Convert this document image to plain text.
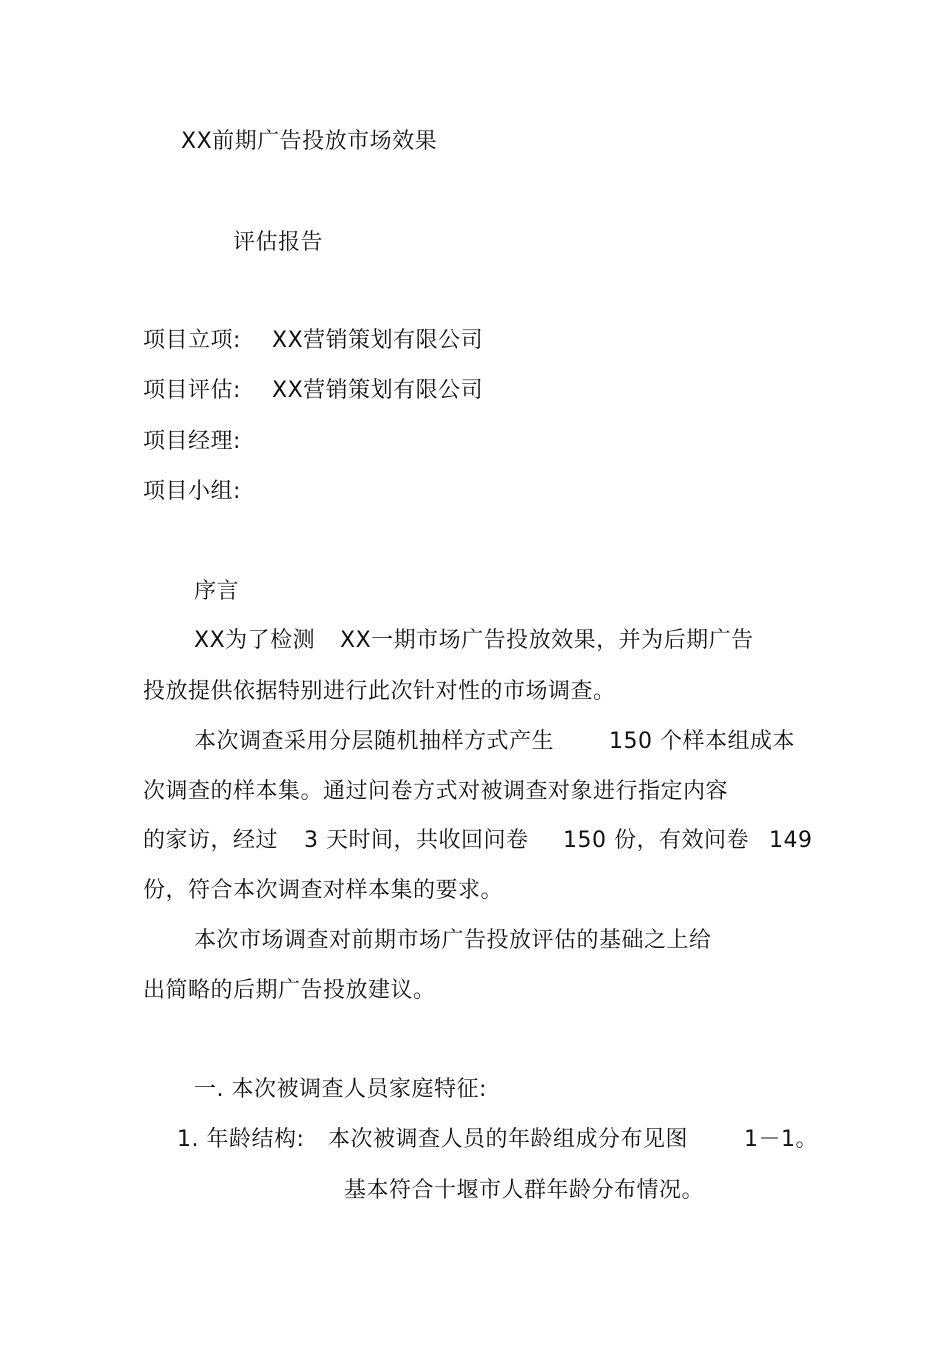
XX前期广告投放市场效果
评估报告
项目立项: XX营销策划有限公司
项目评估: XX营销策划有限公司
项目经理:
项目小组:
序言
XX为了检测 XX一期市场广告投放效果，并为后期广告
投放提供依据特别进行此次针对性的市场调查。
本次调查采用分层随机抽样方式产生 150 个样本组成本
次调查的样本集。通过问卷方式对被调查对象进行指定内容
的家访，经过 3 天时间，共收回问卷 150 份，有效问卷 149
份，符合本次调查对样本集的要求。
本次市场调查对前期市场广告投放评估的基础之上给
出简略的后期广告投放建议。
一. 本次被调查人员家庭特征:
1. 年龄结构: 本次被调查人员的年龄组成分布见图	1－1。
基本符合十堰市人群年龄分布情况。
